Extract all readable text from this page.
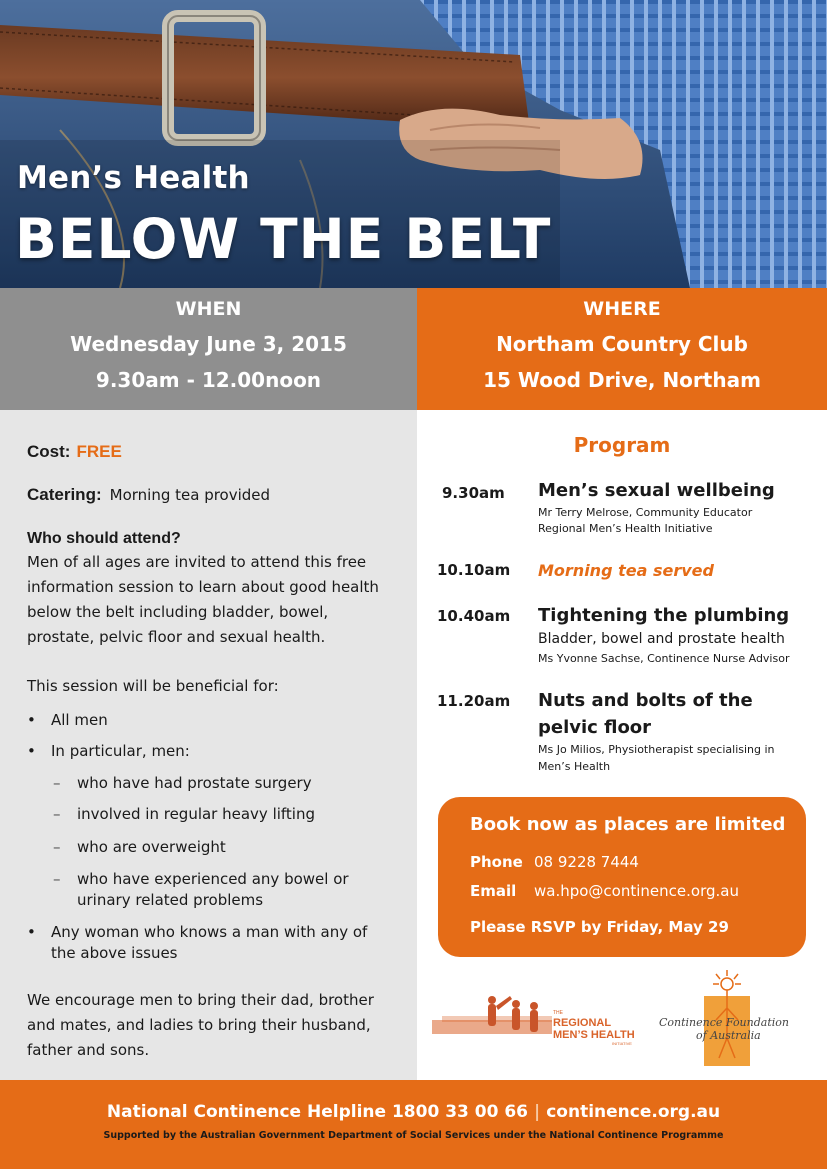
Men’s Health
BELOW THE BELT
WHEN
Wednesday June 3, 2015
9.30am - 12.00noon
WHERE
Northam Country Club
15 Wood Drive, Northam
Cost: FREE
Catering: Morning tea provided
Who should attend?
Men of all ages are invited to attend this free information session to learn about good health below the belt including bladder, bowel, prostate, pelvic floor and sexual health.
This session will be beneficial for:
• All men
• In particular, men:
– who have had prostate surgery
– involved in regular heavy lifting
– who are overweight
– who have experienced any bowel or urinary related problems
• Any woman who knows a man with any of the above issues
We encourage men to bring their dad, brother and mates, and ladies to bring their husband, father and sons.
Program
9.30am	Men’s sexual wellbeing
Mr Terry Melrose, Community Educator
Regional Men’s Health Initiative
10.10am	Morning tea served
10.40am	Tightening the plumbing
Bladder, bowel and prostate health
Ms Yvonne Sachse, Continence Nurse Advisor
11.20am	Nuts and bolts of the
pelvic floor
Ms Jo Milios, Physiotherapist specialising in
Men’s Health
Book now as places are limited
Phone 08 9228 7444
Email wa.hpo@continence.org.au
Please RSVP by Friday, May 29
THE
REGIONAL
MEN’S HEALTH
INITIATIVE
Continence Foundation
of Australia
National Continence Helpline 1800 33 00 66 | continence.org.au
Supported by the Australian Government Department of Social Services under the National Continence Programme
